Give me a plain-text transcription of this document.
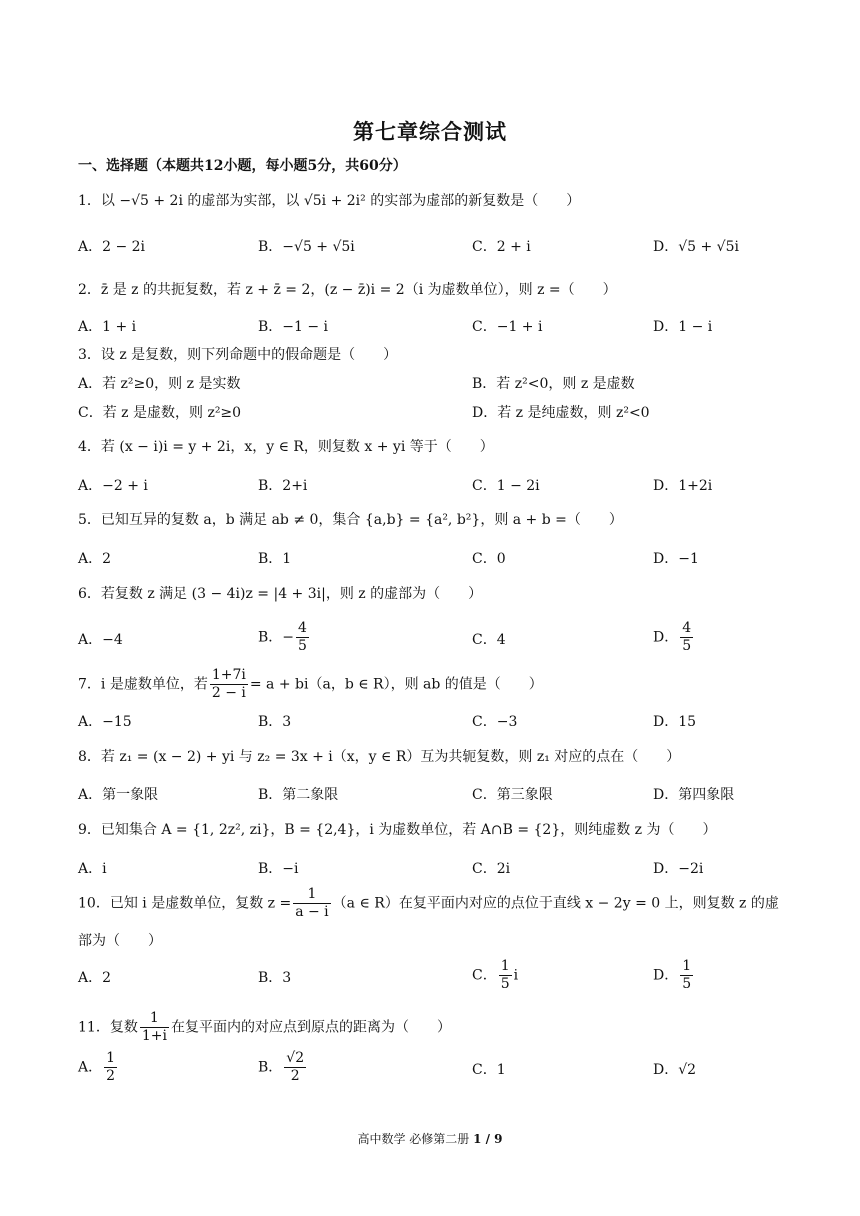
第七章综合测试
一、选择题（本题共12小题，每小题5分，共60分）
1．以 −√5 + 2i 的虚部为实部，以 √5i + 2i² 的实部为虚部的新复数是（　　）
A．2 − 2i	B．−√5 + √5i	C．2 + i	D．√5 + √5i
2．z̄ 是 z 的共扼复数，若 z + z̄ = 2，(z − z̄)i = 2（i 为虚数单位），则 z =（　　）
A．1 + i	B．−1 − i	C．−1 + i	D．1 − i
3．设 z 是复数，则下列命题中的假命题是（　　）
A．若 z²≥0，则 z 是实数	B．若 z²<0，则 z 是虚数
C．若 z 是虚数，则 z²≥0	D．若 z 是纯虚数，则 z²<0
4．若 (x − i)i = y + 2i，x，y ∈ R，则复数 x + yi 等于（　　）
A．−2 + i	B．2+i	C．1 − 2i	D．1+2i
5．已知互异的复数 a，b 满足 ab ≠ 0，集合 {a,b} = {a², b²}，则 a + b =（　　）
A．2	B．1	C．0	D．−1
6．若复数 z 满足 (3 − 4i)z = |4 + 3i|，则 z 的虚部为（　　）
A．−4	B．− $\frac{4}{5}$	C．4	D． $\frac{4}{5}$
7．i 是虚数单位，若 $\frac{1+7i}{2 - i} = a + bi(a$，b ∈ R），则 ab 的值是（　　）
A．−15	B．3	C．−3	D．15
8．若 z₁ = (x − 2) + yi 与 z₂ = 3x + i（x，y ∈ R）互为共轭复数，则 z₁ 对应的点在（　　）
A．第一象限	B．第二象限	C．第三象限	D．第四象限
9．已知集合 A = {1, 2z², zi}，B = {2,4}，i 为虚数单位，若 A∩B = {2}，则纯虚数 z 为（　　）
A．i	B．−i	C．2i	D．−2i
10．已知 i 是虚数单位，复数 $z = \frac{1}{a - i} (a$ ∈ R）在复平面内对应的点位于直线 x − 2y = 0 上，则复数 z 的虚
部为（　　）
A．2	B．3	C． $\frac{1}{5}$ i	D． $\frac{1}{5}$
11．复数 $\frac{1}{1+i}$ 在复平面内的对应点到原点的距离为（　　）
A． $\frac{1}{2}$	B． $\frac{√2}{2}$	C．1	D．√2
高中数学 必修第二册 1 / 9
